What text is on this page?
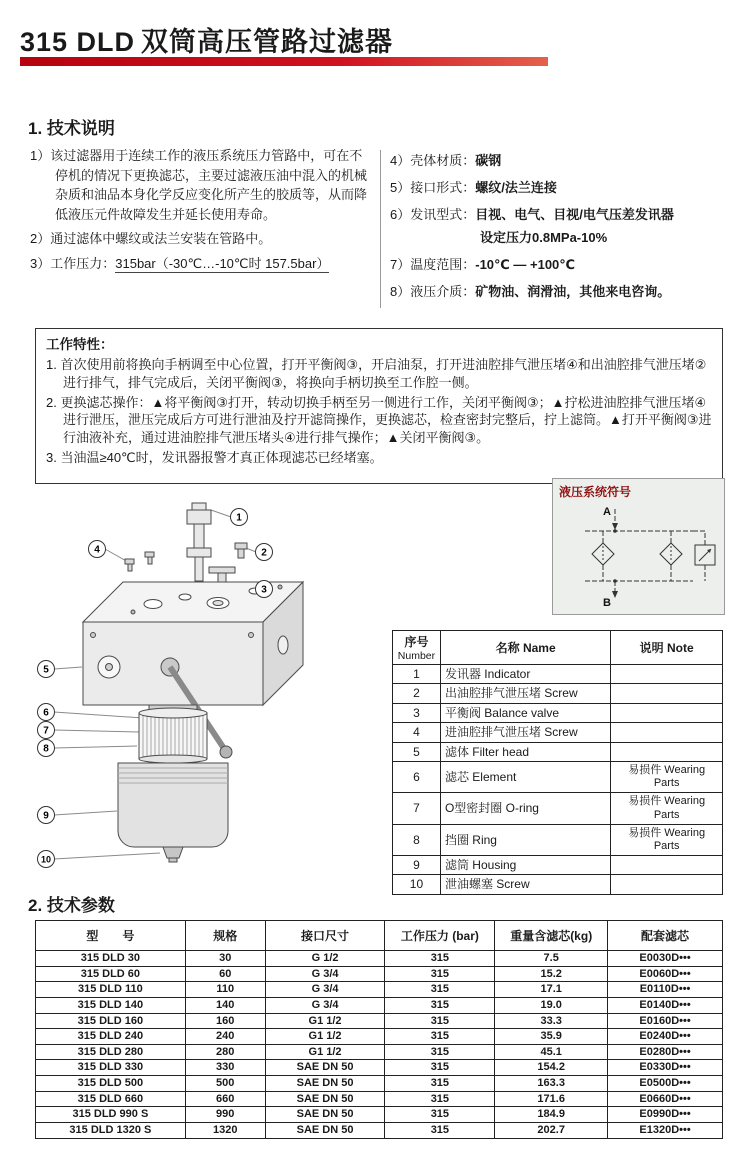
315 DLD 双筒高压管路过滤器
1. 技术说明

1）该过滤器用于连续工作的液压系统压力管路中，可在不停机的情况下更换滤芯，主要过滤液压油中混入的机械杂质和油品本身化学反应变化所产生的胶质等，从而降低液压元件故障发生并延长使用寿命。

2）通过滤体中螺纹或法兰安装在管路中。

3）工作压力：315bar（-30℃…-10℃时 157.5bar）

4）壳体材质：碳钢

5）接口形式：螺纹/法兰连接

6）发讯型式：目视、电气、目视/电气压差发讯器

设定压力0.8MPa-10%

7）温度范围：-10℃ — +100℃

8）液压介质：矿物油、润滑油，其他来电咨询。

工作特性：

1. 首次使用前将换向手柄调至中心位置，打开平衡阀③，开启油泵，打开进油腔排气泄压堵④和出油腔排气泄压堵②进行排气，排气完成后，关闭平衡阀③，将换向手柄切换至工作腔一侧。

2. 更换滤芯操作：▲将平衡阀③打开，转动切换手柄至另一侧进行工作，关闭平衡阀③；▲拧松进油腔排气泄压堵④进行泄压，泄压完成后方可进行泄油及拧开滤筒操作，更换滤芯，检查密封完整后，拧上滤筒。▲打开平衡阀③进行油液补充，通过进油腔排气泄压堵头④进行排气操作；▲关闭平衡阀③。

3. 当油温≥40℃时，发讯器报警才真正体现滤芯已经堵塞。

1
2
3
4
5
6
7
8
9
10
液压系统符号
A
B
序号
Number	名称 Name	说明 Note
1	发讯器 Indicator	
2	出油腔排气泄压堵 Screw	
3	平衡阀 Balance valve	
4	进油腔排气泄压堵 Screw	
5	滤体 Filter head	
6	滤芯 Element	易损件 Wearing Parts
7	O型密封圈 O-ring	易损件 Wearing Parts
8	挡圈 Ring	易损件 Wearing Parts
9	滤筒 Housing	
10	泄油螺塞 Screw	
2. 技术参数
型　　号	规格	接口尺寸	工作压力 (bar)	重量含滤芯(kg)	配套滤芯
315 DLD 30	30	G 1/2	315	7.5	E0030D•••
315 DLD 60	60	G 3/4	315	15.2	E0060D•••
315 DLD 110	110	G 3/4	315	17.1	E0110D•••
315 DLD 140	140	G 3/4	315	19.0	E0140D•••
315 DLD 160	160	G1 1/2	315	33.3	E0160D•••
315 DLD 240	240	G1 1/2	315	35.9	E0240D•••
315 DLD 280	280	G1 1/2	315	45.1	E0280D•••
315 DLD 330	330	SAE DN 50	315	154.2	E0330D•••
315 DLD 500	500	SAE DN 50	315	163.3	E0500D•••
315 DLD 660	660	SAE DN 50	315	171.6	E0660D•••
315 DLD 990 S	990	SAE DN 50	315	184.9	E0990D•••
315 DLD 1320 S	1320	SAE DN 50	315	202.7	E1320D•••
